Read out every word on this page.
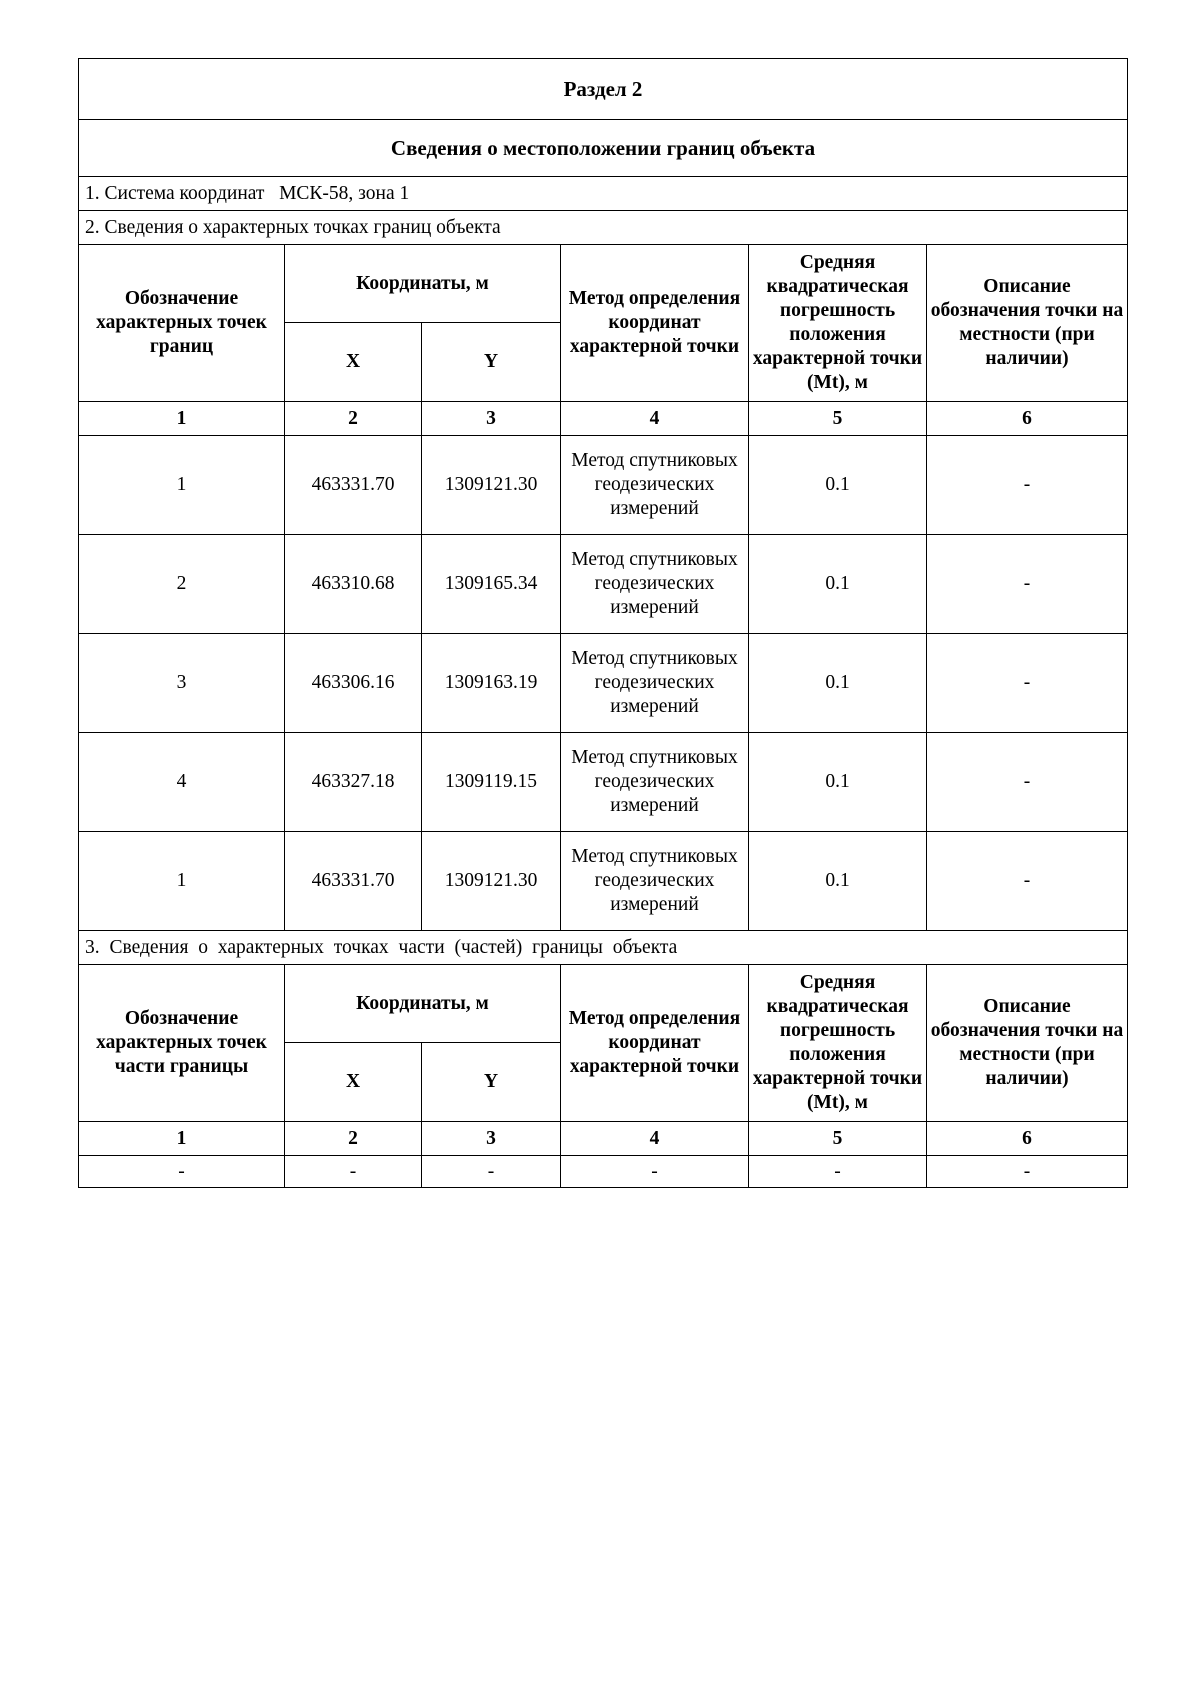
Раздел 2					
Сведения о местоположении границ объекта					
1. Система координат МСК-58, зона 1					
2. Сведения о характерных точках границ объекта					
Обозначение характерных точек границ	Координаты, м		Метод определения координат характерной точки	Средняя квадратическая погрешность положения характерной точки (Mt), м	Описание обозначения точки на местности (при наличии)
	X	Y			
1	2	3	4	5	6
1	463331.70	1309121.30	Метод спутниковых геодезических измерений	0.1	-
2	463310.68	1309165.34	Метод спутниковых геодезических измерений	0.1	-
3	463306.16	1309163.19	Метод спутниковых геодезических измерений	0.1	-
4	463327.18	1309119.15	Метод спутниковых геодезических измерений	0.1	-
1	463331.70	1309121.30	Метод спутниковых геодезических измерений	0.1	-
3. Сведения о характерных точках части (частей) границы объекта					
Обозначение характерных точек части границы	Координаты, м		Метод определения координат характерной точки	Средняя квадратическая погрешность положения характерной точки (Mt), м	Описание обозначения точки на местности (при наличии)
	X	Y			
1	2	3	4	5	6
-	-	-	-	-	-
